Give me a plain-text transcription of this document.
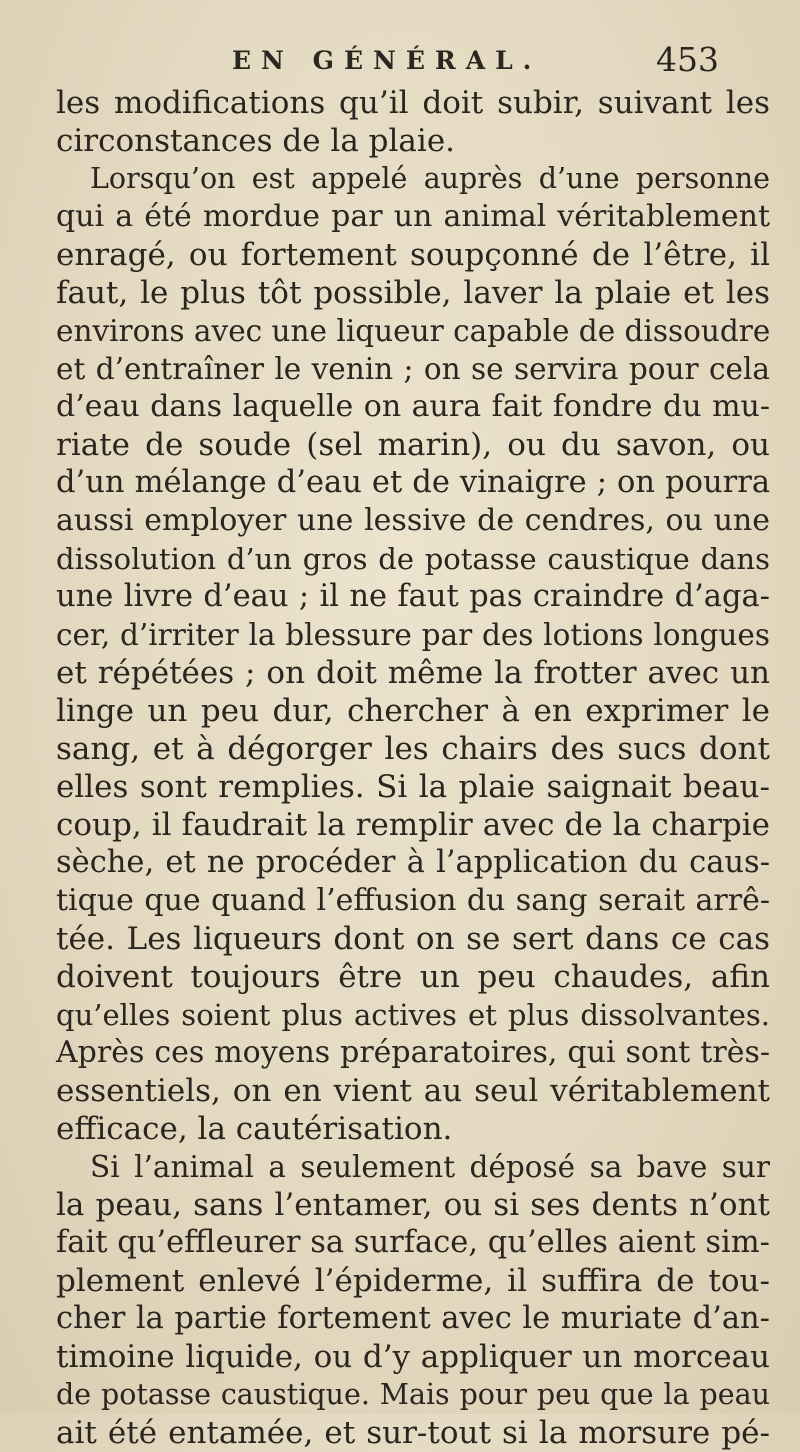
EN GÉNÉRAL.	453
les modifications qu’il doit subir, suivant les
circonstances de la plaie.
Lorsqu’on est appelé auprès d’une personne
qui a été mordue par un animal véritablement
enragé, ou fortement soupçonné de l’être, il
faut, le plus tôt possible, laver la plaie et les
environs avec une liqueur capable de dissoudre
et d’entraîner le venin ; on se servira pour cela
d’eau dans laquelle on aura fait fondre du mu-
riate de soude (sel marin), ou du savon, ou
d’un mélange d’eau et de vinaigre ; on pourra
aussi employer une lessive de cendres, ou une
dissolution d’un gros de potasse caustique dans
une livre d’eau ; il ne faut pas craindre d’aga-
cer, d’irriter la blessure par des lotions longues
et répétées ; on doit même la frotter avec un
linge un peu dur, chercher à en exprimer le
sang, et à dégorger les chairs des sucs dont
elles sont remplies. Si la plaie saignait beau-
coup, il faudrait la remplir avec de la charpie
sèche, et ne procéder à l’application du caus-
tique que quand l’effusion du sang serait arrê-
tée. Les liqueurs dont on se sert dans ce cas
doivent toujours être un peu chaudes, afin
qu’elles soient plus actives et plus dissolvantes.
Après ces moyens préparatoires, qui sont très-
essentiels, on en vient au seul véritablement
efficace, la cautérisation.
Si l’animal a seulement déposé sa bave sur
la peau, sans l’entamer, ou si ses dents n’ont
fait qu’effleurer sa surface, qu’elles aient sim-
plement enlevé l’épiderme, il suffira de tou-
cher la partie fortement avec le muriate d’an-
timoine liquide, ou d’y appliquer un morceau
de potasse caustique. Mais pour peu que la peau
ait été entamée, et sur-tout si la morsure pé-
